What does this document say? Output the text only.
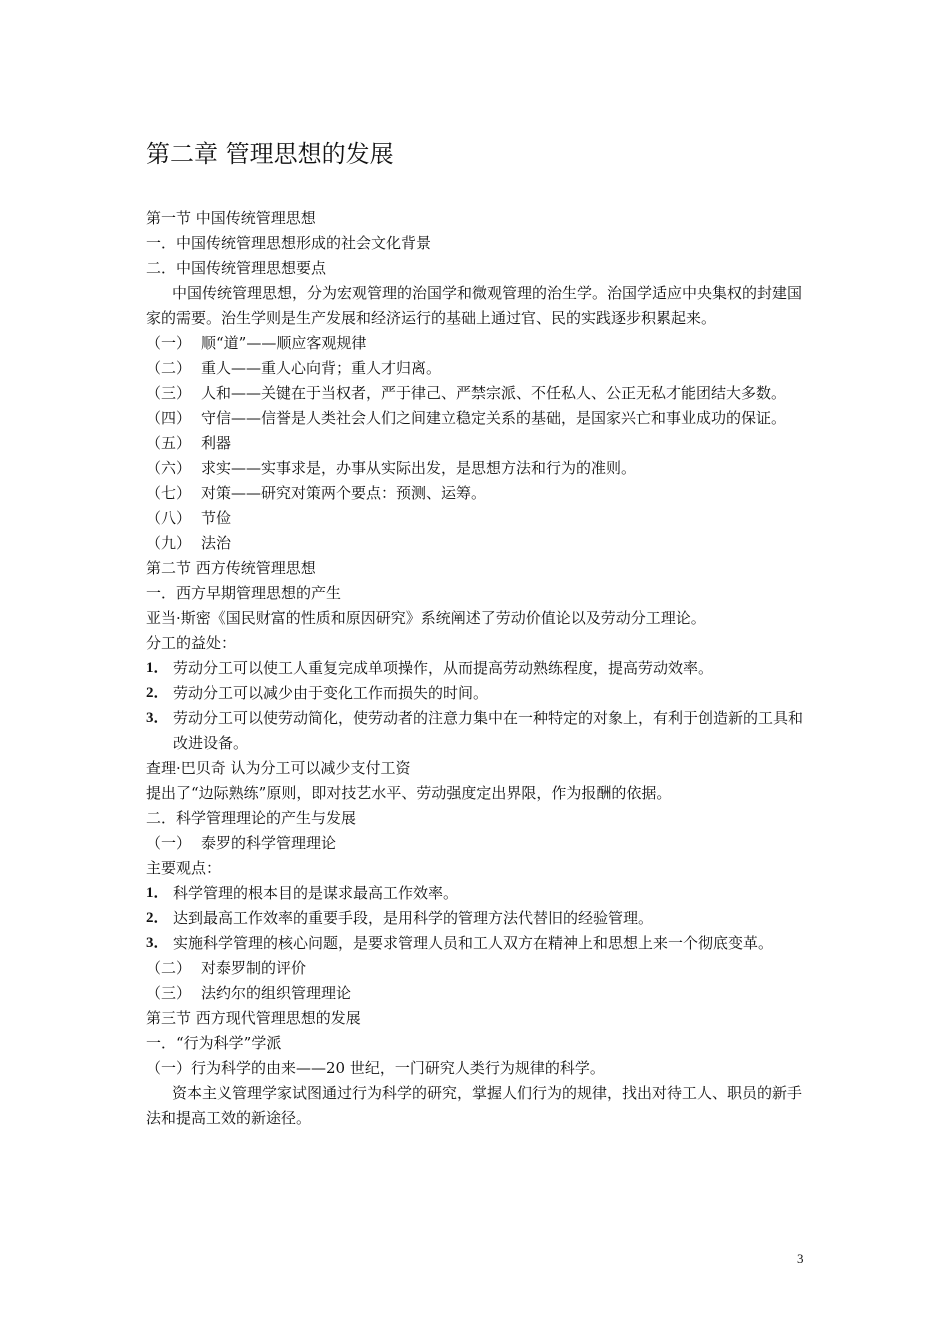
第二章 管理思想的发展
第一节 中国传统管理思想
一．中国传统管理思想形成的社会文化背景
二．中国传统管理思想要点
中国传统管理思想，分为宏观管理的治国学和微观管理的治生学。治国学适应中央集权的封建国家的需要。治生学则是生产发展和经济运行的基础上通过官、民的实践逐步积累起来。
（一） 顺“道”——顺应客观规律
（二） 重人——重人心向背；重人才归离。
（三） 人和——关键在于当权者，严于律己、严禁宗派、不任私人、公正无私才能团结大多数。
（四） 守信——信誉是人类社会人们之间建立稳定关系的基础，是国家兴亡和事业成功的保证。
（五） 利器
（六） 求实——实事求是，办事从实际出发，是思想方法和行为的准则。
（七） 对策——研究对策两个要点：预测、运筹。
（八） 节俭
（九） 法治
第二节 西方传统管理思想
一．西方早期管理思想的产生
亚当·斯密《国民财富的性质和原因研究》系统阐述了劳动价值论以及劳动分工理论。
分工的益处：
1． 劳动分工可以使工人重复完成单项操作，从而提高劳动熟练程度，提高劳动效率。
2． 劳动分工可以减少由于变化工作而损失的时间。
3． 劳动分工可以使劳动简化，使劳动者的注意力集中在一种特定的对象上，有利于创造新的工具和改进设备。
查理·巴贝奇 认为分工可以减少支付工资
提出了“边际熟练”原则，即对技艺水平、劳动强度定出界限，作为报酬的依据。
二．科学管理理论的产生与发展
（一） 泰罗的科学管理理论
主要观点：
1． 科学管理的根本目的是谋求最高工作效率。
2． 达到最高工作效率的重要手段，是用科学的管理方法代替旧的经验管理。
3． 实施科学管理的核心问题，是要求管理人员和工人双方在精神上和思想上来一个彻底变革。
（二） 对泰罗制的评价
（三） 法约尔的组织管理理论
第三节 西方现代管理思想的发展
一．“行为科学”学派
（一）行为科学的由来——20 世纪，一门研究人类行为规律的科学。
资本主义管理学家试图通过行为科学的研究，掌握人们行为的规律，找出对待工人、职员的新手法和提高工效的新途径。
3
